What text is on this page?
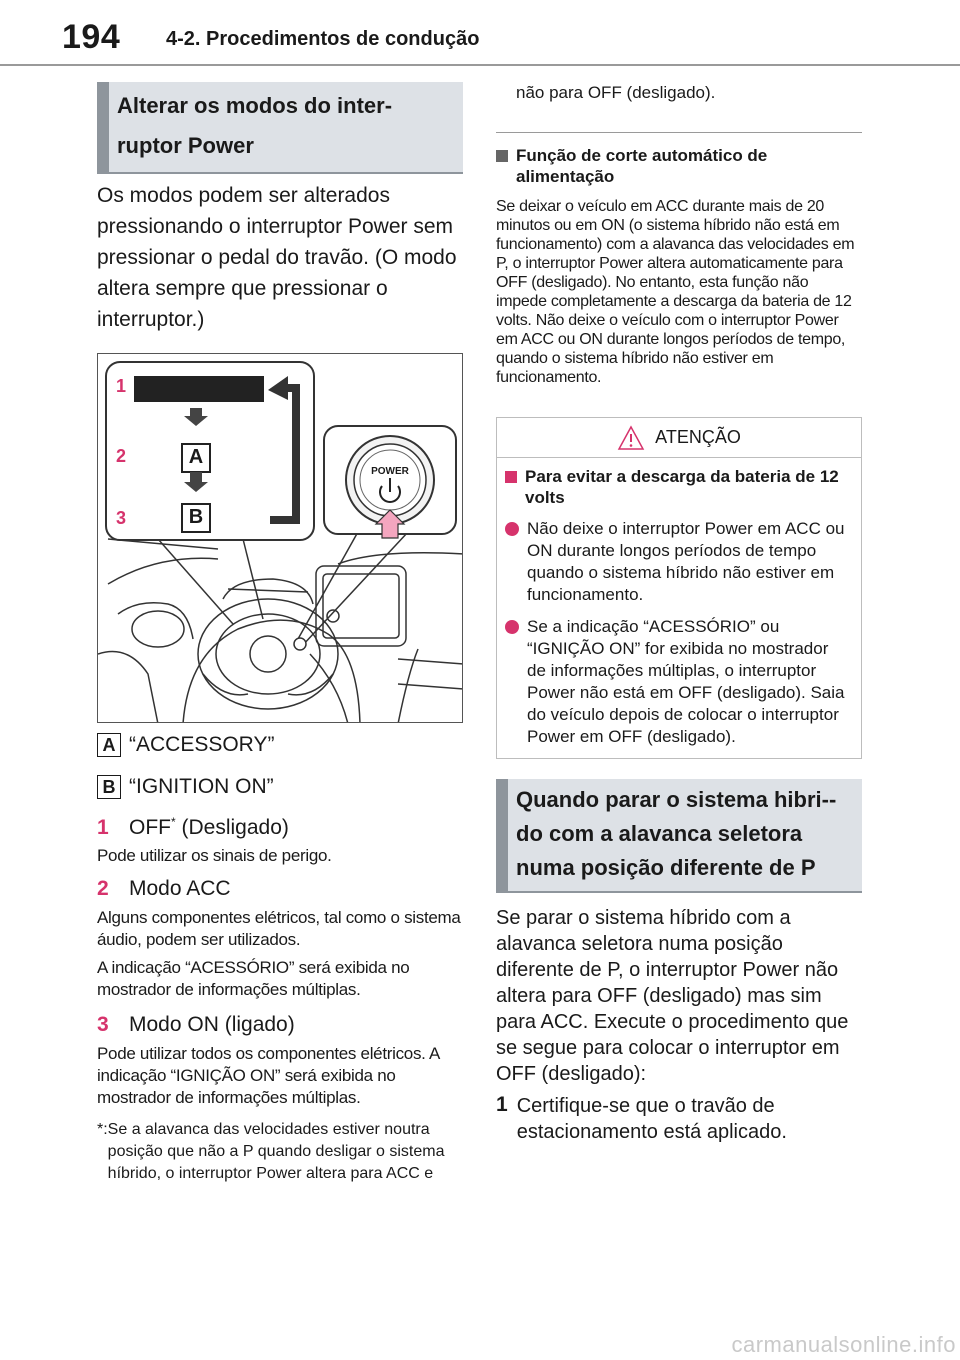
194 4-2. Procedimentos de condução
Alterar os modos do inter-ruptor Power
Os modos podem ser alterados pressionando o interruptor Power sem pressionar o pedal do travão. (O modo altera sempre que pressionar o interruptor.)
1
2
3
A
B
POWER
A “ACCESSORY”
B “IGNITION ON”
1 OFF* (Desligado)
Pode utilizar os sinais de perigo.
2 Modo ACC
Alguns componentes elétricos, tal como o sistema áudio, podem ser utilizados.
A indicação “ACESSÓRIO” será exibida no mostrador de informações múltiplas.
3 Modo ON (ligado)
Pode utilizar todos os componentes elétricos. A indicação “IGNIÇÃO ON” será exibida no mostrador de informações múltiplas.
*: Se a alavanca das velocidades estiver noutra posição que não a P quando desligar o sistema híbrido, o interruptor Power altera para ACC e
não para OFF (desligado).
Função de corte automático de alimentação
Se deixar o veículo em ACC durante mais de 20 minutos ou em ON (o sistema híbrido não está em funcionamento) com a alavanca das velocidades em P, o interruptor Power altera automaticamente para OFF (desligado). No entanto, esta função não impede completamente a descarga da bateria de 12 volts. Não deixe o veículo com o interruptor Power em ACC ou ON durante longos períodos de tempo, quando o sistema híbrido não estiver em funcionamento.
ATENÇÃO
Para evitar a descarga da bateria de 12 volts
Não deixe o interruptor Power em ACC ou ON durante longos períodos de tempo quando o sistema híbrido não estiver em funcionamento.
Se a indicação “ACESSÓRIO” ou “IGNIÇÃO ON” for exibida no mostrador de informações múltiplas, o interruptor Power não está em OFF (desligado). Saia do veículo depois de colocar o interruptor Power em OFF (desligado).
Quando parar o sistema hibri--do com a alavanca seletora numa posição diferente de P
Se parar o sistema híbrido com a alavanca seletora numa posição diferente de P, o interruptor Power não altera para OFF (desligado) mas sim para ACC. Execute o procedimento que se segue para colocar o interruptor em OFF (desligado):
1 Certifique-se que o travão de estacionamento está aplicado.
carmanualsonline.info
